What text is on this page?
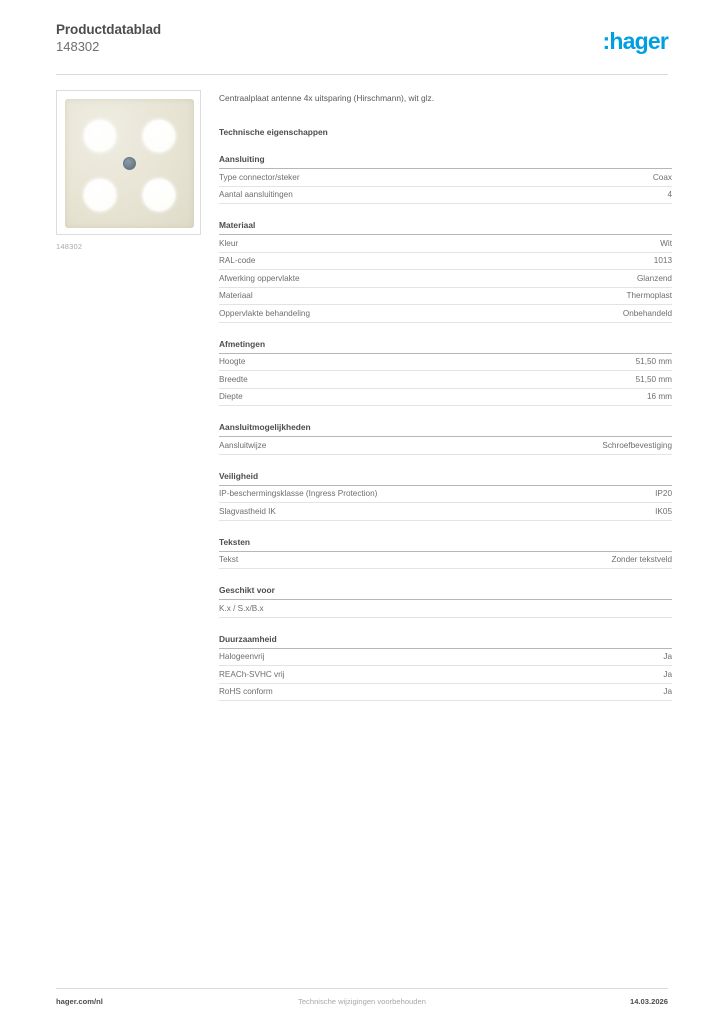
Productdatablad
148302	:hager
148302
Centraalplaat antenne 4x uitsparing (Hirschmann), wit glz.
Technische eigenschappen
Aansluiting
Type connector/steker	Coax
Aantal aansluitingen	4
Materiaal
Kleur	Wit
RAL-code	1013
Afwerking oppervlakte	Glanzend
Materiaal	Thermoplast
Oppervlakte behandeling	Onbehandeld
Afmetingen
Hoogte	51,50 mm
Breedte	51,50 mm
Diepte	16 mm
Aansluitmogelijkheden
Aansluitwijze	Schroefbevestiging
Veiligheid
IP-beschermingsklasse (Ingress Protection)	IP20
Slagvastheid IK	IK05
Teksten
Tekst	Zonder tekstveld
Geschikt voor
K.x / S.x/B.x
Duurzaamheid
Halogeenvrij	Ja
REACh-SVHC vrij	Ja
RoHS conform	Ja
hager.com/nl	Technische wijzigingen voorbehouden	14.03.2026
